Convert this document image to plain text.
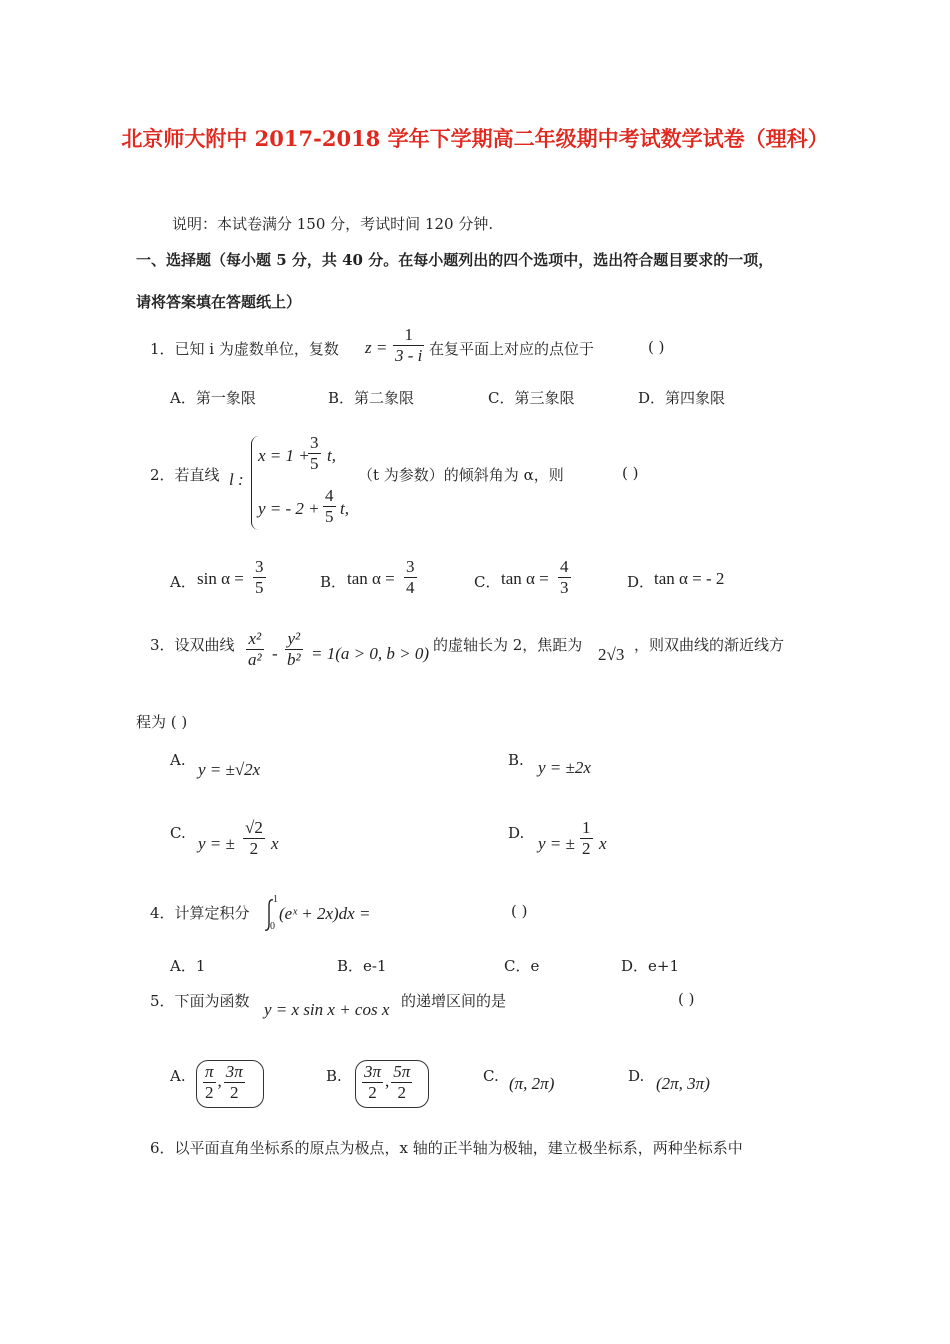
北京师大附中 2017-2018 学年下学期高二年级期中考试数学试卷（理科）
说明：本试卷满分 150 分，考试时间 120 分钟.
一、选择题（每小题 5 分，共 40 分。在每小题列出的四个选项中，选出符合题目要求的一项，
请将答案填在答题纸上）
1．已知 i 为虚数单位，复数 $z = \frac{1}{3 - i}$ 在复平面上对应的点位于	( )
A．第一象限	B．第二象限	C．第三象限	D．第四象限
2．若直线 l :
x = 1 +
$\frac{3}{5} t$,
y = - $2 + \frac{4}{5} t$,
（t 为参数）的倾斜角为 α，则	( )
A． $\sin \alpha = \frac{3}{5}$	B． $\tan \alpha = \frac{3}{4}$	C． $\tan \alpha = \frac{4}{3}$	D． tan α = - 2
3．设双曲线 $\frac{\text{x²}}{\text{a²}} - \frac{\text{y²}}{\text{b²}} = 1(a > 0$, b > 0) 的虚轴长为 2，焦距为 2√3 ，则双曲线的渐近线方
程为 ( )
A. y = ±√2x	B. y = ±2x
C.
y = ± $\frac{√2}{2}$ x
D.
y = ± $\frac{1}{2}$ x
4．计算定积分
1
0
(eˣ + 2x)dx =	( )
A．1	B．e-1	C．e	D．e+1
5．下面为函数 y = x sin x + cos x 的递增区间的是	( )
A. $\frac{\pi}{2}$ , $\frac{3\pi}{2}$	B. $\frac{3\pi}{2}$ , $\frac{5\pi}{2}$	C. (π, 2π)	D. (2π, 3π)
6．以平面直角坐标系的原点为极点，x 轴的正半轴为极轴，建立极坐标系，两种坐标系中
